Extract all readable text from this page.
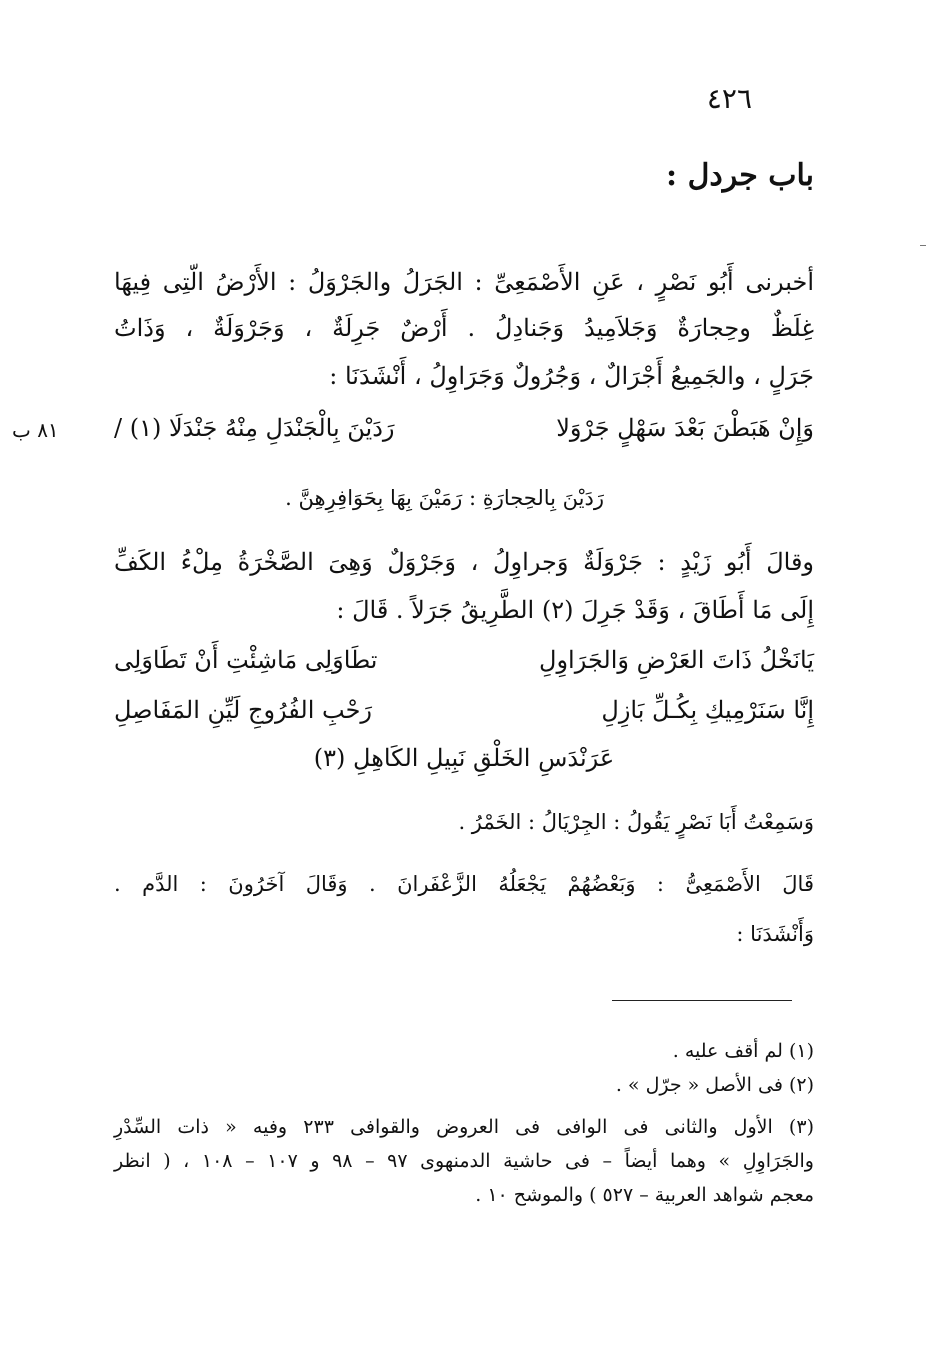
٤٢٦
باب جردل :
أخبرنى أَبُو نَصْرٍ ، عَنِ الأَصْمَعِىِّ : الجَرَلُ والجَرْوَلُ : الأَرْضُ الّتِى فِيهَا
غِلَظٌ وحِجارَةٌ وَجَلاَمِيدُ وَجَنادِلُ . أَرْضٌ جَرِلَةٌ ، وَجَرْوَلَةٌ ، وَذَاتُ
جَرَلٍ ، والجَمِيعُ أَجْرَالٌ ، وَجُرُولٌ وَجَرَاوِلُ ، أَنْشَدَنَا :
وَإِنْ هَبَطْنَ بَعْدَ سَهْلٍ جَرْوَلا
رَدَيْنَ بِالْجَنْدَلِ مِنْهُ جَنْدَلَا (١) /
٨١ ب
رَدَيْنَ بِالحِجارَةِ : رَمَيْنَ بِهَا بِحَوَافِرِهِنَّ .
وقالَ أَبُو زَيْدٍ : جَرْوَلَةٌ وَجراوِلُ ، وَجَرْوَلٌ وَهِىَ الصَّخْرَةُ مِلْءُ الكَفِّ
إِلَى مَا أَطَاقَ ، وَقَدْ جَرِلَ (٢) الطَّرِيقُ جَرَلاً . قَالَ :
يَانَخْلُ ذَاتَ العَرْضِ وَالجَرَاوِلِ
تطَاوَلِى مَاشِئْتِ أَنْ تَطَاوَلِى
إِنَّا سَنَرْمِيكِ بِكُـلِّ بَازِلِ
رَحْبِ الفُرُوجِ لَيِّنِ المَفَاصِلِ
عَرَنْدَسِ الخَلْقِ نَبِيلِ الكَاهِلِ (٣)
وَسَمِعْتُ أَبَا نَصْرٍ يَقُولُ : الجِرْيَالُ : الخَمْرُ .
قَالَ الأَصْمَعِىُّ : وَبَعْضُهُمْ يَجْعَلُهُ الزَّعْفَرانَ . وَقَالَ آخَرُونَ : الدَّم .
وَأَنْشَدَنَا :
(١) لم أقف عليه .
(٢) فى الأصل « جرّل » .
(٣) الأول والثانى فى الوافى فى العروض والقوافى ٢٣٣ وفيه « ذات السِّدْرِ
والجَرَاوِلِ » وهما أيضاً – فى حاشية الدمنهوى ٩٧ – ٩٨ و ١٠٧ – ١٠٨ ، ( انظر
معجم شواهد العربية – ٥٢٧ ) والموشح ١٠ .
